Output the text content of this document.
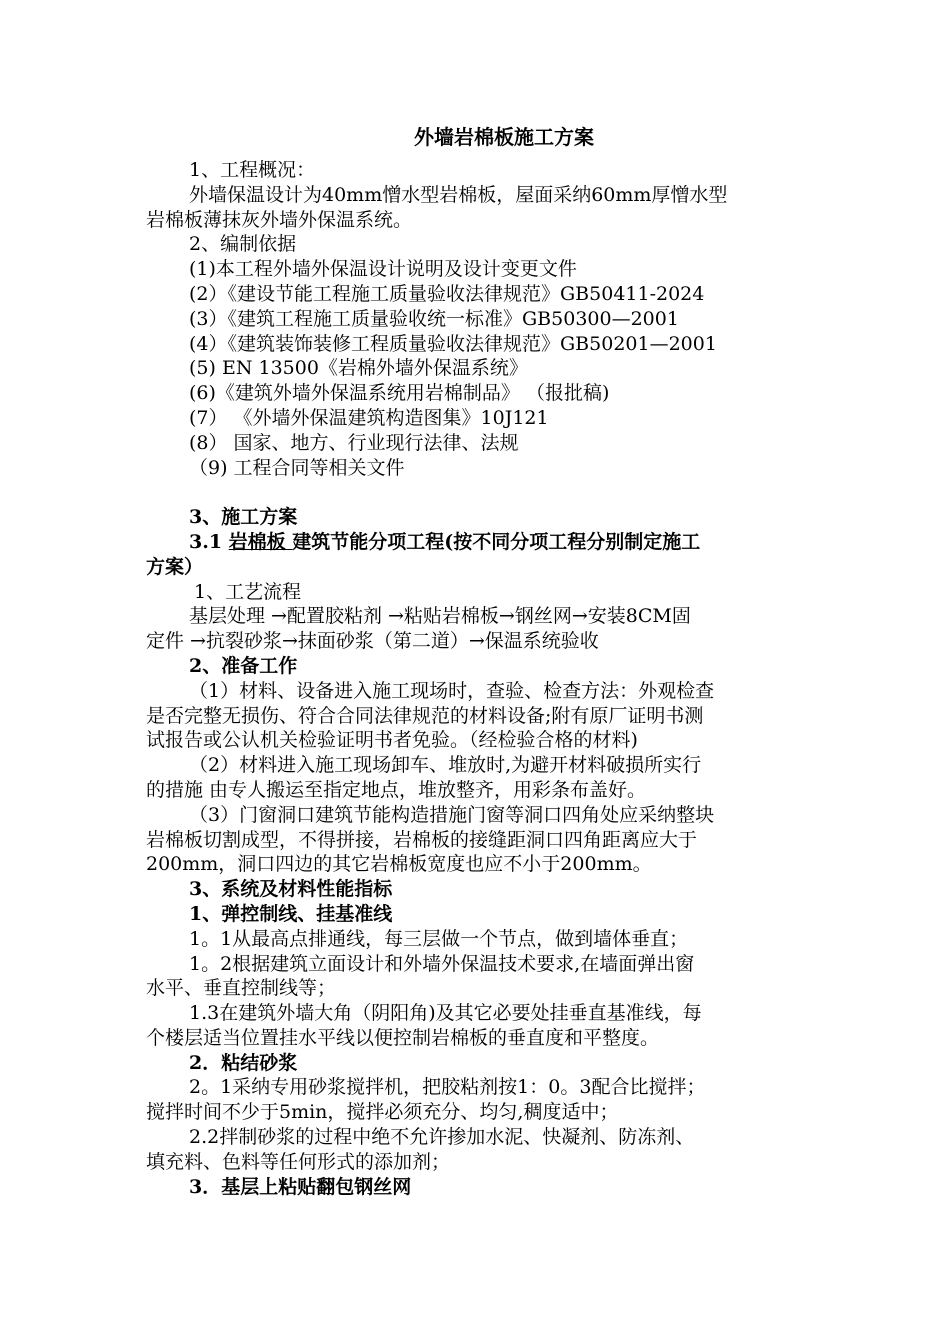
外墙岩棉板施工方案
1、工程概况：
外墙保温设计为40mm憎水型岩棉板，屋面采纳60mm厚憎水型
岩棉板薄抹灰外墙外保温系统。
2、编制依据
(1)本工程外墙外保温设计说明及设计变更文件
(2）《建设节能工程施工质量验收法律规范》GB50411-2024
(3）《建筑工程施工质量验收统一标准》GB50300—2001
(4）《建筑装饰装修工程质量验收法律规范》GB50201—2001
(5) EN 13500《岩棉外墙外保温系统》
(6)《建筑外墙外保温系统用岩棉制品》 （报批稿)
(7） 《外墙外保温建筑构造图集》10J121
(8） 国家、地方、行业现行法律、法规
（9) 工程合同等相关文件
3、施工方案
3.1 岩棉板 建筑节能分项工程(按不同分项工程分别制定施工
方案）
1、工艺流程
基层处理 →配置胶粘剂 →粘贴岩棉板→钢丝网→安装8CM固
定件 →抗裂砂浆→抹面砂浆（第二道）→保温系统验收
2、准备工作
（1）材料、设备进入施工现场时，查验、检查方法：外观检查
是否完整无损伤、符合合同法律规范的材料设备;附有原厂证明书测
试报告或公认机关检验证明书者免验。（经检验合格的材料)
（2）材料进入施工现场卸车、堆放时,为避开材料破损所实行
的措施 由专人搬运至指定地点，堆放整齐，用彩条布盖好。
（3）门窗洞口建筑节能构造措施门窗等洞口四角处应采纳整块
岩棉板切割成型，不得拼接，岩棉板的接缝距洞口四角距离应大于
200mm，洞口四边的其它岩棉板宽度也应不小于200mm。
3、系统及材料性能指标
1、弹控制线、挂基准线
1。1从最高点排通线，每三层做一个节点，做到墙体垂直；
1。2根据建筑立面设计和外墙外保温技术要求,在墙面弹出窗
水平、垂直控制线等；
1.3在建筑外墙大角（阴阳角)及其它必要处挂垂直基准线，每
个楼层适当位置挂水平线以便控制岩棉板的垂直度和平整度。
2．粘结砂浆
2。1采纳专用砂浆搅拌机，把胶粘剂按1：0。3配合比搅拌；
搅拌时间不少于5min，搅拌必须充分、均匀,稠度适中；
2.2拌制砂浆的过程中绝不允许掺加水泥、快凝剂、防冻剂、
填充料、色料等任何形式的添加剂；
3．基层上粘贴翻包钢丝网
